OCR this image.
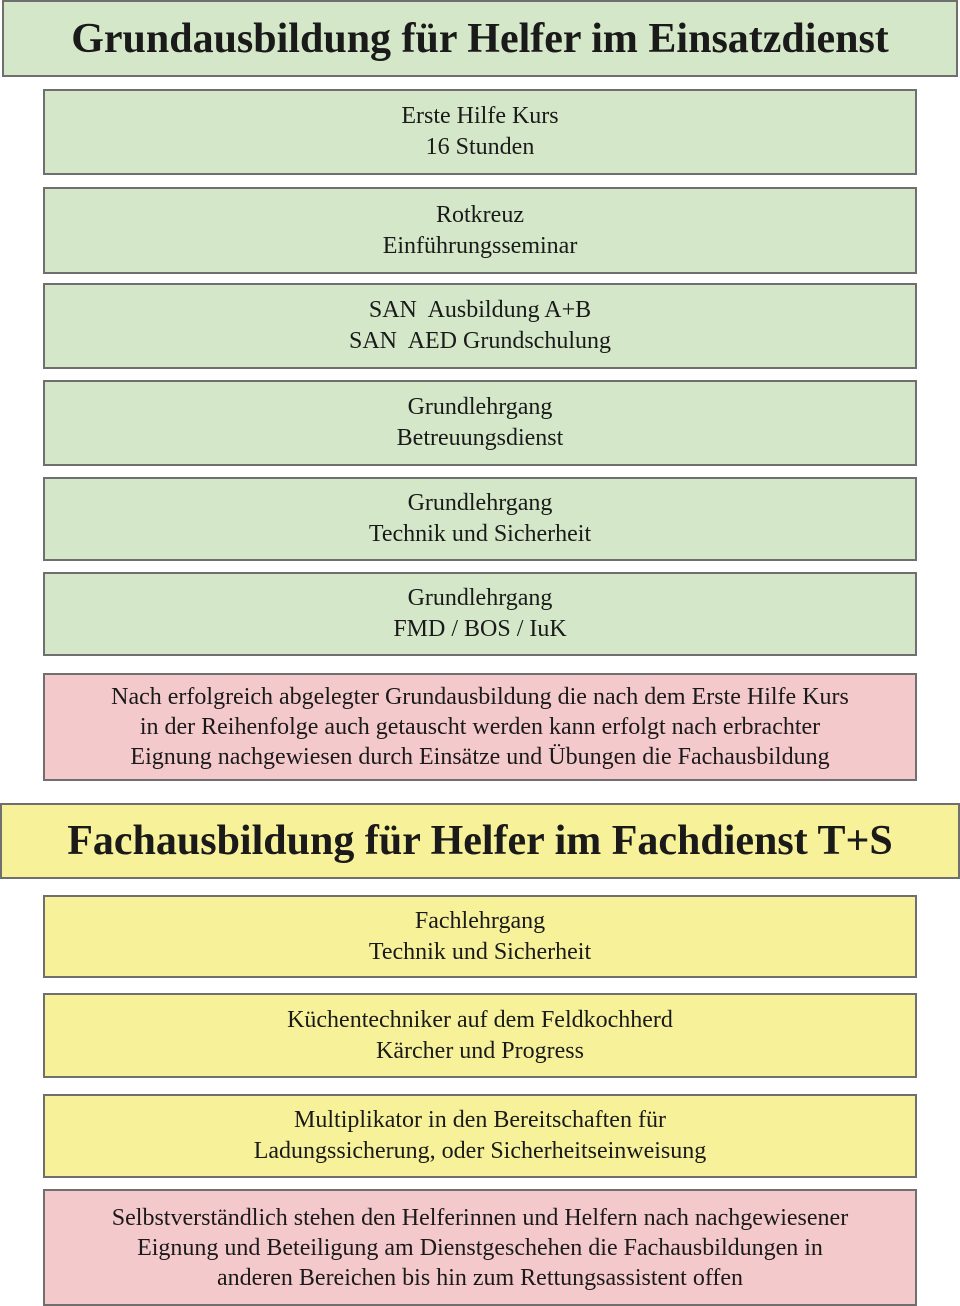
Grundausbildung für Helfer im Einsatzdienst
Erste Hilfe Kurs
16 Stunden
Rotkreuz
Einführungsseminar
SAN  Ausbildung A+B
SAN  AED Grundschulung
Grundlehrgang
Betreuungsdienst
Grundlehrgang
Technik und Sicherheit
Grundlehrgang
FMD / BOS / IuK
Nach erfolgreich abgelegter Grundausbildung die nach dem Erste Hilfe Kurs
in der Reihenfolge auch getauscht werden kann erfolgt nach erbrachter
Eignung nachgewiesen durch Einsätze und Übungen die Fachausbildung
Fachausbildung für Helfer im Fachdienst T+S
Fachlehrgang
Technik und Sicherheit
Küchentechniker auf dem Feldkochherd
Kärcher und Progress
Multiplikator in den Bereitschaften für
Ladungssicherung, oder Sicherheitseinweisung
Selbstverständlich stehen den Helferinnen und Helfern nach nachgewiesener
Eignung und Beteiligung am Dienstgeschehen die Fachausbildungen in
anderen Bereichen bis hin zum Rettungsassistent offen
